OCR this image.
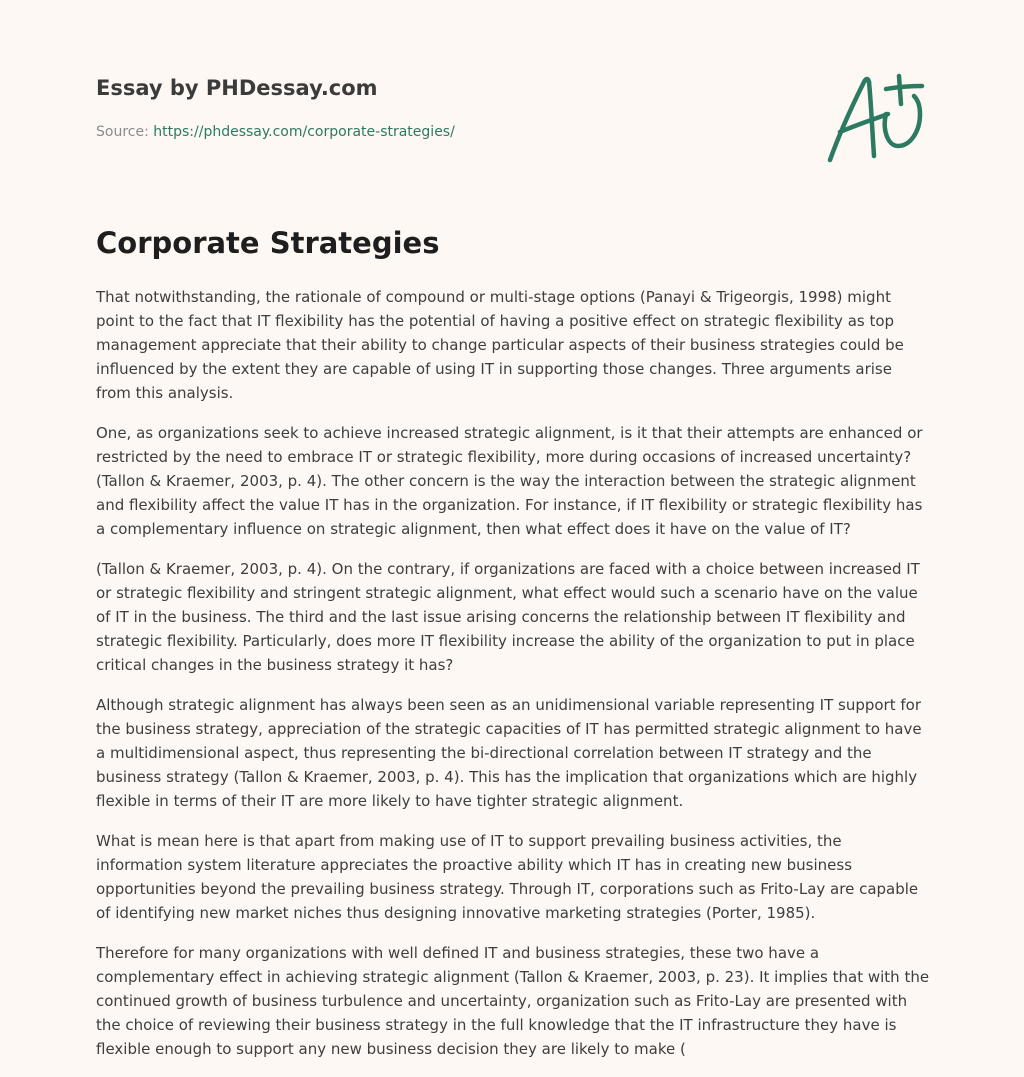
Essay by PHDessay.com
Source: https://phdessay.com/corporate-strategies/
Corporate Strategies

That notwithstanding, the rationale of compound or multi-stage options (Panayi & Trigeorgis, 1998) might point to the fact that IT flexibility has the potential of having a positive effect on strategic flexibility as top management appreciate that their ability to change particular aspects of their business strategies could be influenced by the extent they are capable of using IT in supporting those changes. Three arguments arise from this analysis.

One, as organizations seek to achieve increased strategic alignment, is it that their attempts are enhanced or restricted by the need to embrace IT or strategic flexibility, more during occasions of increased uncertainty? (Tallon & Kraemer, 2003, p. 4). The other concern is the way the interaction between the strategic alignment and flexibility affect the value IT has in the organization. For instance, if IT flexibility or strategic flexibility has a complementary influence on strategic alignment, then what effect does it have on the value of IT?

(Tallon & Kraemer, 2003, p. 4). On the contrary, if organizations are faced with a choice between increased IT or strategic flexibility and stringent strategic alignment, what effect would such a scenario have on the value of IT in the business. The third and the last issue arising concerns the relationship between IT flexibility and strategic flexibility. Particularly, does more IT flexibility increase the ability of the organization to put in place critical changes in the business strategy it has?

Although strategic alignment has always been seen as an unidimensional variable representing IT support for the business strategy, appreciation of the strategic capacities of IT has permitted strategic alignment to have a multidimensional aspect, thus representing the bi-directional correlation between IT strategy and the business strategy (Tallon & Kraemer, 2003, p. 4). This has the implication that organizations which are highly flexible in terms of their IT are more likely to have tighter strategic alignment.

What is mean here is that apart from making use of IT to support prevailing business activities, the information system literature appreciates the proactive ability which IT has in creating new business opportunities beyond the prevailing business strategy. Through IT, corporations such as Frito-Lay are capable of identifying new market niches thus designing innovative marketing strategies (Porter, 1985).

Therefore for many organizations with well defined IT and business strategies, these two have a complementary effect in achieving strategic alignment (Tallon & Kraemer, 2003, p. 23). It implies that with the continued growth of business turbulence and uncertainty, organization such as Frito-Lay are presented with the choice of reviewing their business strategy in the full knowledge that the IT infrastructure they have is flexible enough to support any new business decision they are likely to make (
